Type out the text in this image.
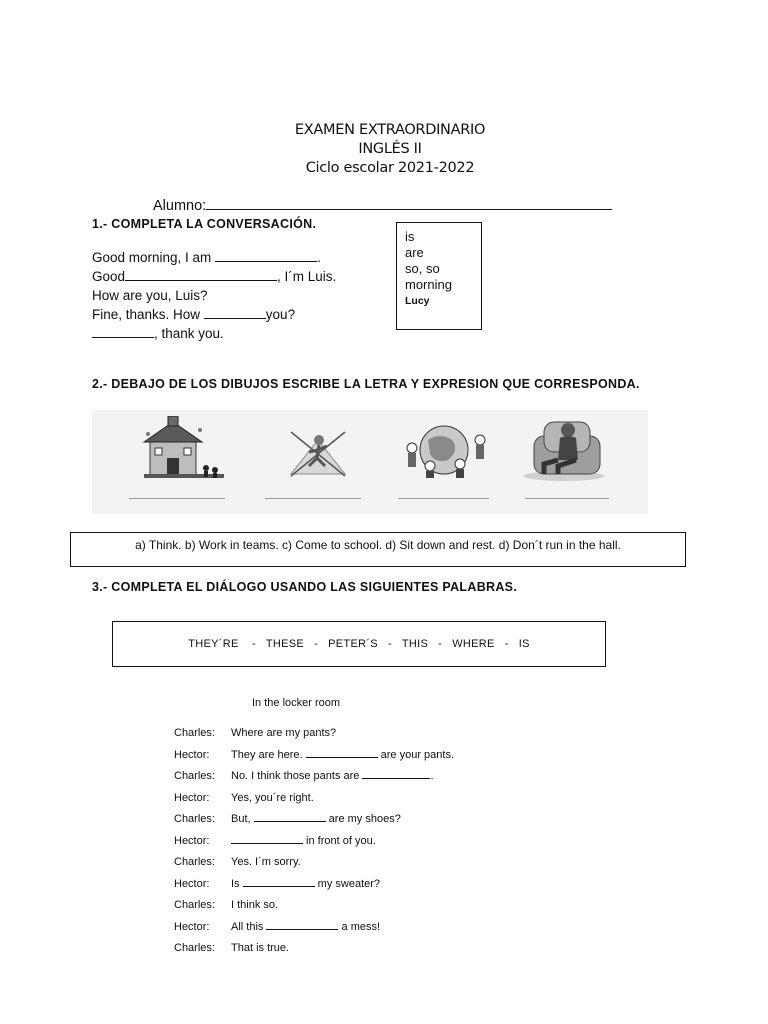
EXAMEN EXTRAORDINARIO
INGLÉS II
Ciclo escolar 2021-2022
Alumno:
1.- COMPLETA LA CONVERSACIÓN.
Good morning, I am	.
Good	, I´m Luis.
How are you, Luis?
Fine, thanks. How	you?
, thank you.
is
are
so, so
morning
Lucy
2.- DEBAJO DE LOS DIBUJOS ESCRIBE LA LETRA Y EXPRESION QUE CORRESPONDA.
a) Think. b) Work in teams. c) Come to school. d) Sit down and rest. d) Don´t run in the hall.
3.- COMPLETA EL DIÁLOGO USANDO LAS SIGUIENTES PALABRAS.
THEY´RE    -   THESE   -   PETER´S   -   THIS   -   WHERE   -   IS
In the locker room
Charles: Where are my pants?
Hector: They are here.	are your pants.
Charles: No. I think those pants are	.
Hector: Yes, you´re right.
Charles: But,	are my shoes?
Hector:	in front of you.
Charles: Yes. I´m sorry.
Hector: Is	my sweater?
Charles: I think so.
Hector: All this	a mess!
Charles: That is true.
